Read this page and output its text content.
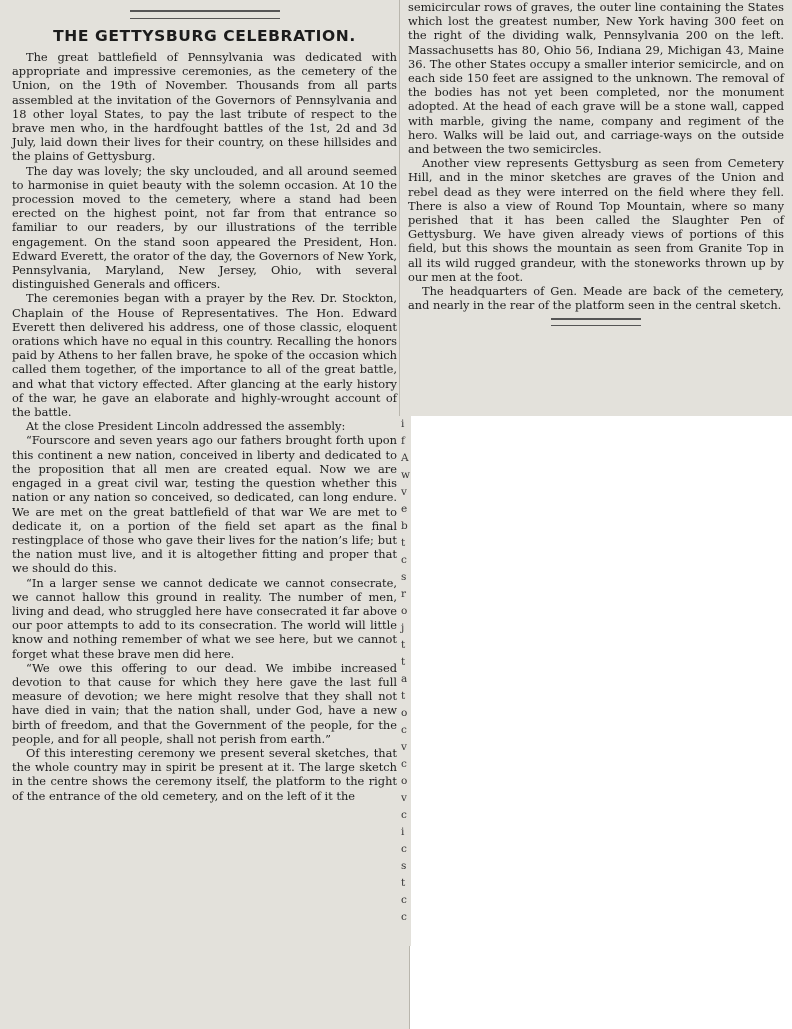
THE GETTYSBURG CELEBRATION.

The great battlefield of Pennsylvania was dedicated with appropriate and impressive ceremonies, as the cemetery of the Union, on the 19th of November. Thousands from all parts assembled at the invitation of the Governors of Pennsylvania and 18 other loyal States, to pay the last tribute of respect to the brave men who, in the hardfought battles of the 1st, 2d and 3d July, laid down their lives for their country, on these hillsides and the plains of Gettysburg.

The day was lovely; the sky unclouded, and all around seemed to harmonise in quiet beauty with the solemn occasion. At 10 the procession moved to the cemetery, where a stand had been erected on the highest point, not far from that entrance so familiar to our readers, by our illustrations of the terrible engagement. On the stand soon appeared the President, Hon. Edward Everett, the orator of the day, the Governors of New York, Pennsylvania, Maryland, New Jersey, Ohio, with several distinguished Generals and officers.

The ceremonies began with a prayer by the Rev. Dr. Stockton, Chaplain of the House of Representatives. The Hon. Edward Everett then delivered his address, one of those classic, eloquent orations which have no equal in this country. Recalling the honors paid by Athens to her fallen brave, he spoke of the occasion which called them together, of the importance to all of the great battle, and what that victory effected. After glancing at the early history of the war, he gave an elaborate and highly-wrought account of the battle.

At the close President Lincoln addressed the assembly:

“Fourscore and seven years ago our fathers brought forth upon this continent a new nation, conceived in liberty and dedicated to the proposition that all men are created equal. Now we are engaged in a great civil war, testing the question whether this nation or any nation so conceived, so dedicated, can long endure. We are met on the great battlefield of that war We are met to dedicate it, on a portion of the field set apart as the final restingplace of those who gave their lives for the nation’s life; but the nation must live, and it is altogether fitting and proper that we should do this.

“In a larger sense we cannot dedicate we cannot consecrate, we cannot hallow this ground in reality. The number of men, living and dead, who struggled here have consecrated it far above our poor attempts to add to its consecration. The world will little know and nothing remember of what we see here, but we cannot forget what these brave men did here.

“We owe this offering to our dead. We imbibe increased devotion to that cause for which they here gave the last full measure of devotion; we here might resolve that they shall not have died in vain; that the nation shall, under God, have a new birth of freedom, and that the Government of the people, for the people, and for all people, shall not perish from earth.”

Of this interesting ceremony we present several sketches, that the whole country may in spirit be present at it. The large sketch in the centre shows the ceremony itself, the platform to the right of the entrance of the old cemetery, and on the left of it the

semicircular rows of graves, the outer line containing the States which lost the greatest number, New York having 300 feet on the right of the dividing walk, Pennsylvania 200 on the left. Massachusetts has 80, Ohio 56, Indiana 29, Michigan 43, Maine 36. The other States occupy a smaller interior semicircle, and on each side 150 feet are assigned to the unknown. The removal of the bodies has not yet been completed, nor the monument adopted. At the head of each grave will be a stone wall, capped with marble, giving the name, company and regiment of the hero. Walks will be laid out, and carriage-ways on the outside and between the two semicircles.

Another view represents Gettysburg as seen from Cemetery Hill, and in the minor sketches are graves of the Union and rebel dead as they were interred on the field where they fell. There is also a view of Round Top Mountain, where so many perished that it has been called the Slaughter Pen of Gettysburg. We have given already views of portions of this field, but this shows the mountain as seen from Granite Top in all its wild rugged grandeur, with the stoneworks thrown up by our men at the foot.

The headquarters of Gen. Meade are back of the cemetery, and nearly in the rear of the platform seen in the central sketch.

i
f
A
w
v
e
b
t
c
s
r
o
j
t
t
a
t
o
c
v
c
o
v
c
i
c
s
t
c
c
